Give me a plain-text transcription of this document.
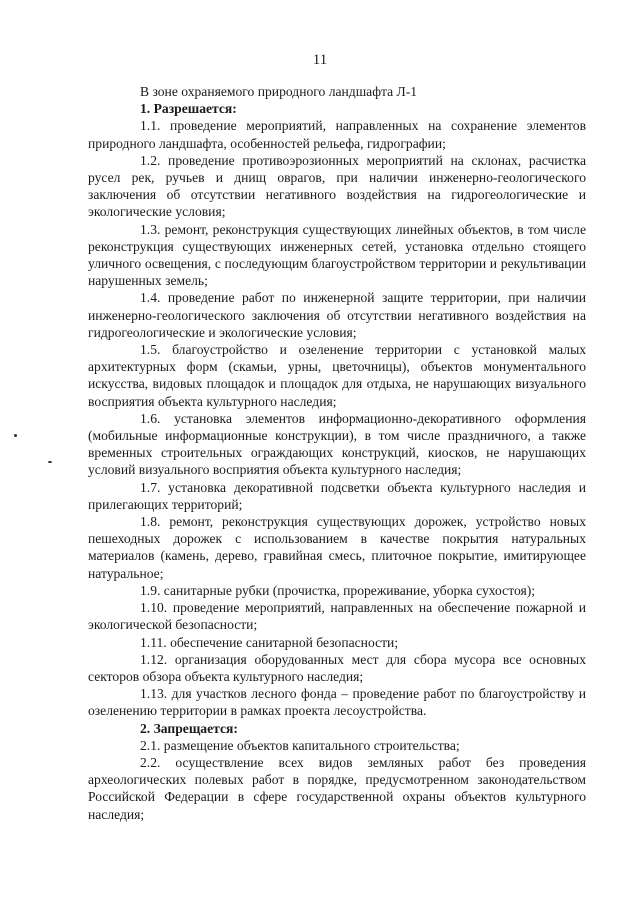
11

В зоне охраняемого природного ландшафта Л-1

1. Разрешается:

1.1. проведение мероприятий, направленных на сохранение элементов природного ландшафта, особенностей рельефа, гидрографии;

1.2. проведение противоэрозионных мероприятий на склонах, расчистка русел рек, ручьев и днищ оврагов, при наличии инженерно-геологического заключения об отсутствии негативного воздействия на гидрогеологические и экологические условия;

1.3. ремонт, реконструкция существующих линейных объектов, в том числе реконструкция существующих инженерных сетей, установка отдельно стоящего уличного освещения, с последующим благоустройством территории и рекультивации нарушенных земель;

1.4. проведение работ по инженерной защите территории, при наличии инженерно-геологического заключения об отсутствии негативного воздействия на гидрогеологические и экологические условия;

1.5. благоустройство и озеленение территории с установкой малых архитектурных форм (скамьи, урны, цветочницы), объектов монументального искусства, видовых площадок и площадок для отдыха, не нарушающих визуального восприятия объекта культурного наследия;

1.6. установка элементов информационно-декоративного оформления (мобильные информационные конструкции), в том числе праздничного, а также временных строительных ограждающих конструкций, киосков, не нарушающих условий визуального восприятия объекта культурного наследия;

1.7. установка декоративной подсветки объекта культурного наследия и прилегающих территорий;

1.8. ремонт, реконструкция существующих дорожек, устройство новых пешеходных дорожек с использованием в качестве покрытия натуральных материалов (камень, дерево, гравийная смесь, плиточное покрытие, имитирующее натуральное;

1.9. санитарные рубки (прочистка, прореживание, уборка сухостоя);

1.10. проведение мероприятий, направленных на обеспечение пожарной и экологической безопасности;

1.11. обеспечение санитарной безопасности;

1.12. организация оборудованных мест для сбора мусора все основных секторов обзора объекта культурного наследия;

1.13. для участков лесного фонда – проведение работ по благоустройству и озеленению территории в рамках проекта лесоустройства.

2. Запрещается:

2.1. размещение объектов капитального строительства;

2.2. осуществление всех видов земляных работ без проведения археологических полевых работ в порядке, предусмотренном законодательством Российской Федерации в сфере государственной охраны объектов культурного наследия;
